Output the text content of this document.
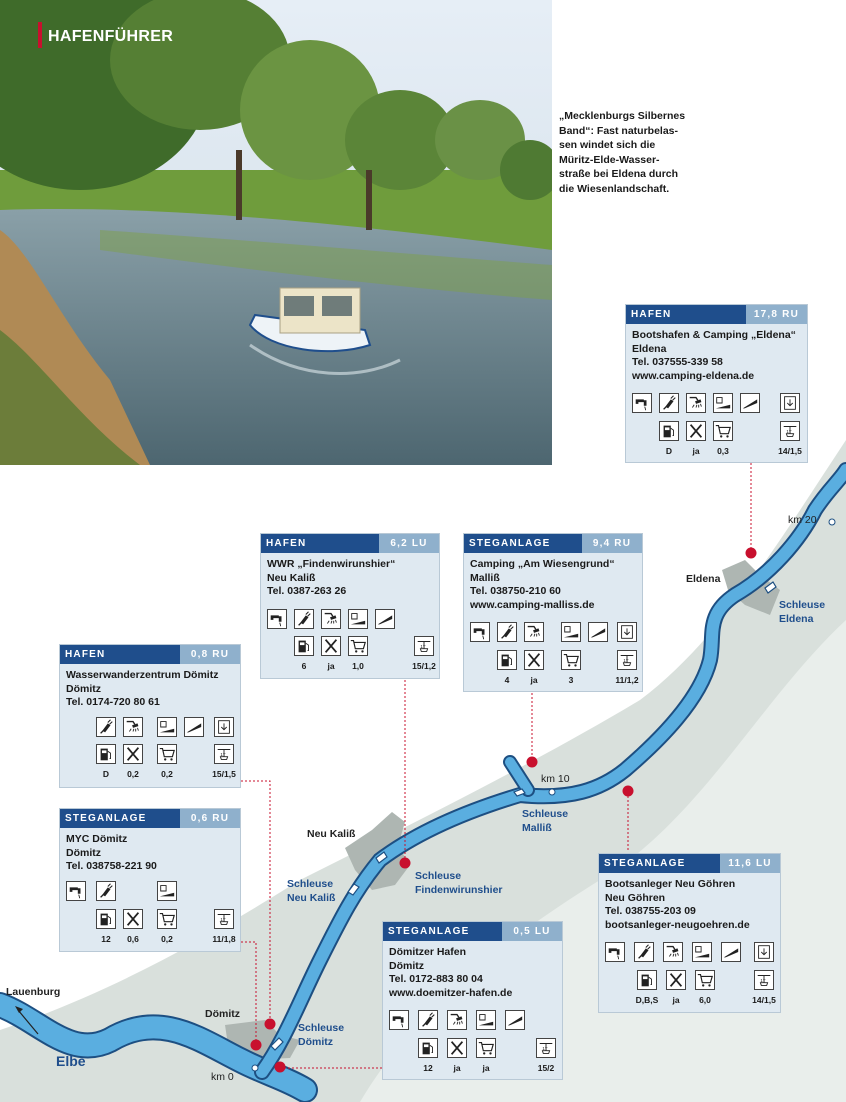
HAFENFÜHRER
„Mecklenburgs Silbernes
Band“: Fast naturbelas-
sen windet sich die
Müritz-Elde-Wasser-
straße bei Eldena durch
die Wiesenlandschaft.
Lauenburg
Elbe
km 0
km 10
km 20
Dömitz
Neu Kaliß
Eldena
Schleuse
Dömitz
Schleuse
Neu Kaliß
Schleuse
Findenwirunshier
Schleuse
Malliß
Schleuse
Eldena
HAFEN	17,8 RU
Bootshafen & Camping „Eldena“
Eldena
Tel. 037555-339 58
www.camping-eldena.de
D	ja	0,3	14/1,5
HAFEN	6,2 LU
WWR „Findenwirunshier“
Neu Kaliß
Tel. 0387-263 26
6	ja	1,0	15/1,2
STEGANLAGE	9,4 RU
Camping „Am Wiesengrund“
Malliß
Tel. 038750-210 60
www.camping-malliss.de
4	ja	3	11/1,2
HAFEN	0,8 RU
Wasserwanderzentrum Dömitz
Dömitz
Tel. 0174-720 80 61
D	0,2	0,2	15/1,5
STEGANLAGE	0,6 RU
MYC Dömitz
Dömitz
Tel. 038758-221 90
12	0,6	0,2	11/1,8
STEGANLAGE	11,6 LU
Bootsanleger Neu Göhren
Neu Göhren
Tel. 038755-203 09
bootsanleger-neugoehren.de
D,B,S	ja	6,0	14/1,5
STEGANLAGE	0,5 LU
Dömitzer Hafen
Dömitz
Tel. 0172-883 80 04
www.doemitzer-hafen.de
12	ja	ja	15/2
